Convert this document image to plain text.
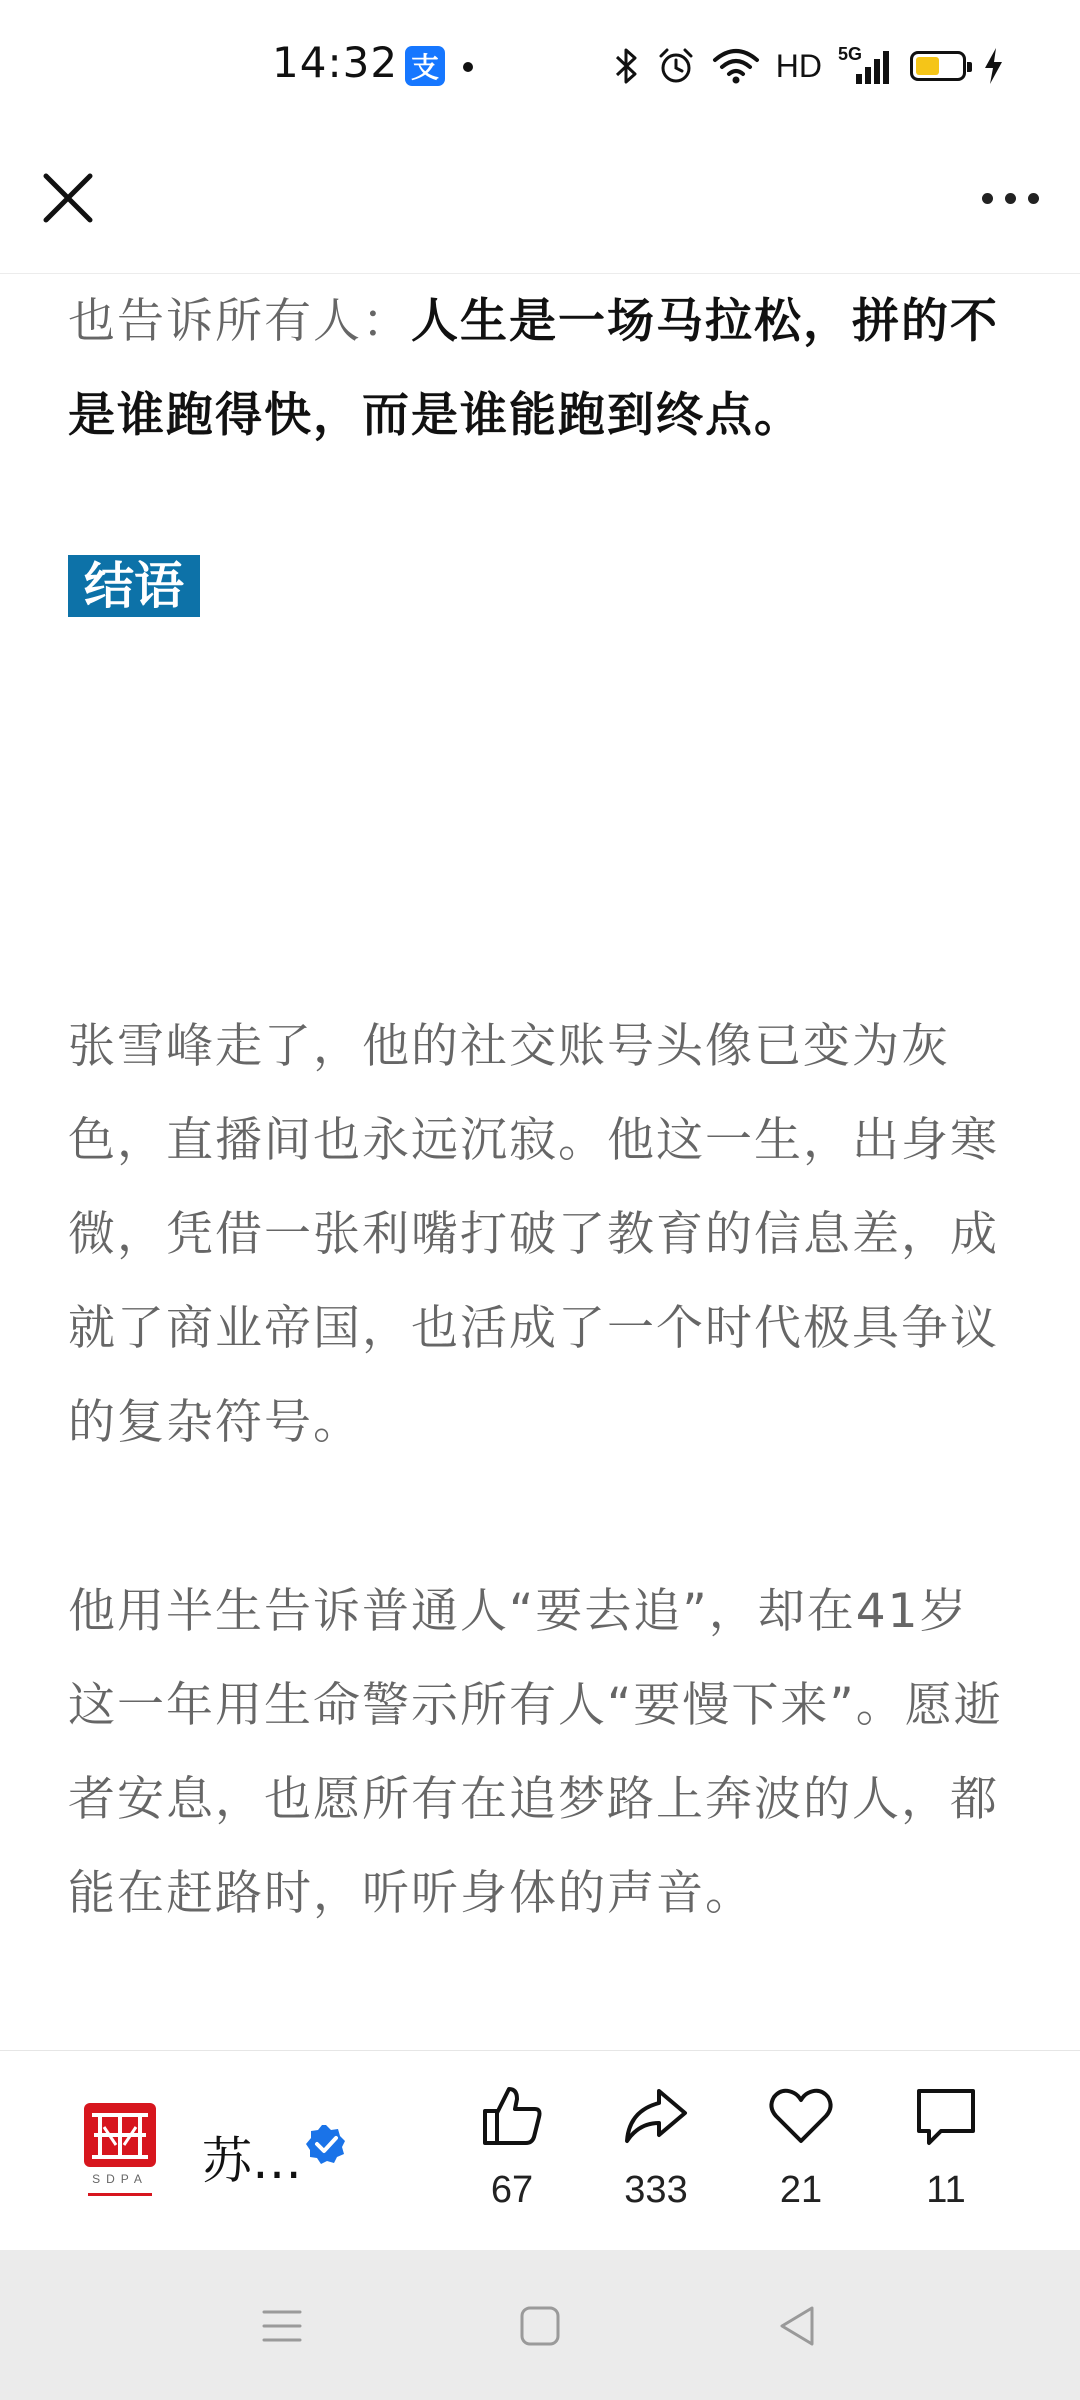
14:32 支	HD 5G

也告诉所有人：人生是一场马拉松，拼的不是谁跑得快，而是谁能跑到终点。

结语

张雪峰走了，他的社交账号头像已变为灰色，直播间也永远沉寂。他这一生，出身寒微，凭借一张利嘴打破了教育的信息差，成就了商业帝国，也活成了一个时代极具争议的复杂符号。

他用半生告诉普通人“要去追”，却在41岁这一年用生命警示所有人“要慢下来”。愿逝者安息，也愿所有在追梦路上奔波的人，都能在赶路时，听听身体的声音。

SDPA 苏…	67	333	21	11
